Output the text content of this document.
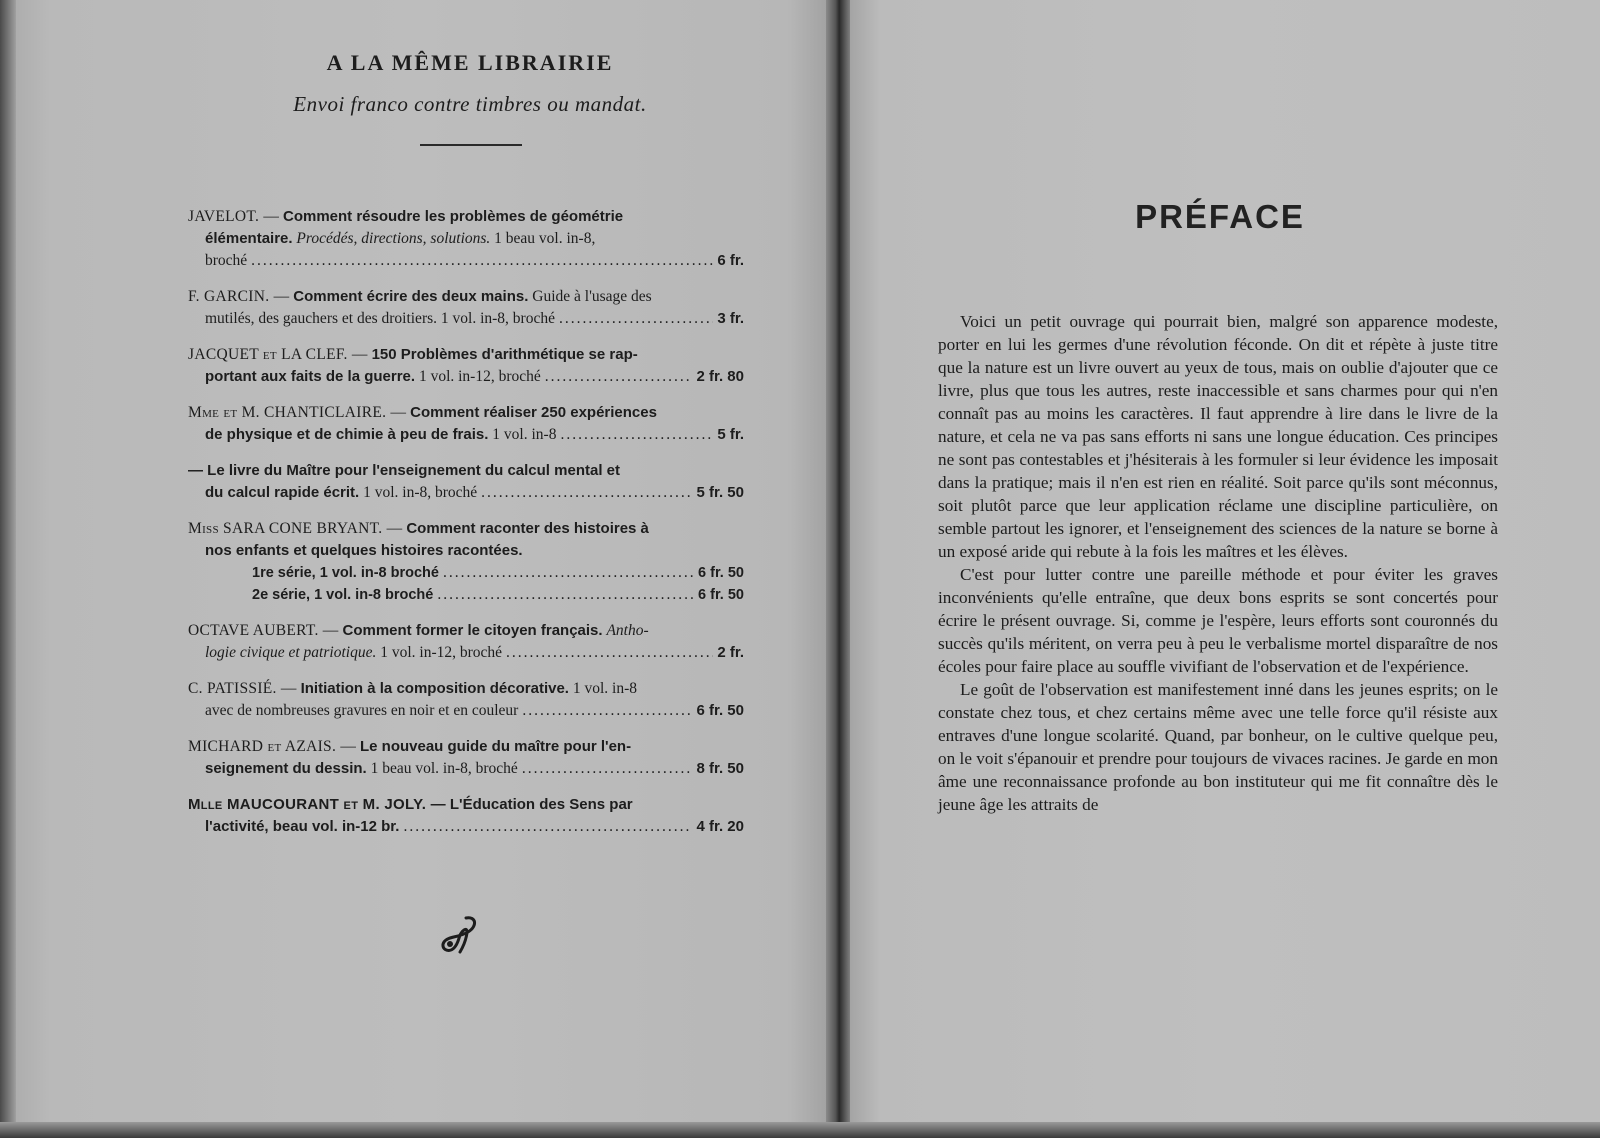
A LA MÊME LIBRAIRIE
Envoi franco contre timbres ou mandat.
JAVELOT. — Comment résoudre les problèmes de géométrie
élémentaire.
Procédés, directions, solutions.
1 beau vol. in-8,
broché .....	6 fr.
F. GARCIN. —
Comment écrire des deux mains.
Guide à l'usage des
mutilés, des gauchers et des droitiers. 1 vol. in-8, broché .....	3 fr.
JACQUET et LA CLEF. —
150 Problèmes d'arithmétique se rap-
portant aux faits de la guerre.
1 vol. in-12, broché .....	2 fr. 80
Mme et M. CHANTICLAIRE. —
Comment réaliser 250 expériences
de physique et de chimie à peu de frais.
1 vol. in-8 .....	5 fr.
— Le livre du Maître pour l'enseignement du calcul mental et
du calcul rapide écrit.
1 vol. in-8, broché .....	5 fr. 50
Miss SARA CONE BRYANT. —
Comment raconter des histoires à
nos enfants et quelques histoires racontées.
1re série, 1 vol. in-8 broché .....	6 fr. 50
2e série, 1 vol. in-8 broché .....	6 fr. 50
OCTAVE AUBERT. —
Comment former le citoyen français.
Antho-
logie civique et patriotique.
1 vol. in-12, broché .....	2 fr.
C. PATISSIÉ. —
Initiation à la composition décorative.
1 vol. in-8
avec de nombreuses gravures en noir et en couleur .....	6 fr. 50
MICHARD et AZAIS. —
Le nouveau guide du maître pour l'en-
seignement du dessin.
1 beau vol. in-8, broché .....	8 fr. 50
Mlle MAUCOURANT et M. JOLY. —
L'Éducation des Sens par
l'activité, beau vol. in-12 br. .....	4 fr. 20
PRÉFACE

Voici un petit ouvrage qui pourrait bien, malgré son apparence modeste, porter en lui les germes d'une révolution féconde. On dit et répète à juste titre que la nature est un livre ouvert au yeux de tous, mais on oublie d'ajouter que ce livre, plus que tous les autres, reste inaccessible et sans charmes pour qui n'en connaît pas au moins les caractères. Il faut apprendre à lire dans le livre de la nature, et cela ne va pas sans efforts ni sans une longue éducation. Ces principes ne sont pas contestables et j'hésiterais à les formuler si leur évidence les imposait dans la pratique; mais il n'en est rien en réalité. Soit parce qu'ils sont méconnus, soit plutôt parce que leur application réclame une discipline particulière, on semble partout les ignorer, et l'enseignement des sciences de la nature se borne à un exposé aride qui rebute à la fois les maîtres et les élèves.

C'est pour lutter contre une pareille méthode et pour éviter les graves inconvénients qu'elle entraîne, que deux bons esprits se sont concertés pour écrire le présent ouvrage. Si, comme je l'espère, leurs efforts sont couronnés du succès qu'ils méritent, on verra peu à peu le verbalisme mortel disparaître de nos écoles pour faire place au souffle vivifiant de l'observation et de l'expérience.

Le goût de l'observation est manifestement inné dans les jeunes esprits; on le constate chez tous, et chez certains même avec une telle force qu'il résiste aux entraves d'une longue scolarité. Quand, par bonheur, on le cultive quelque peu, on le voit s'épanouir et prendre pour toujours de vivaces racines. Je garde en mon âme une reconnaissance profonde au bon instituteur qui me fit connaître dès le jeune âge les attraits de
